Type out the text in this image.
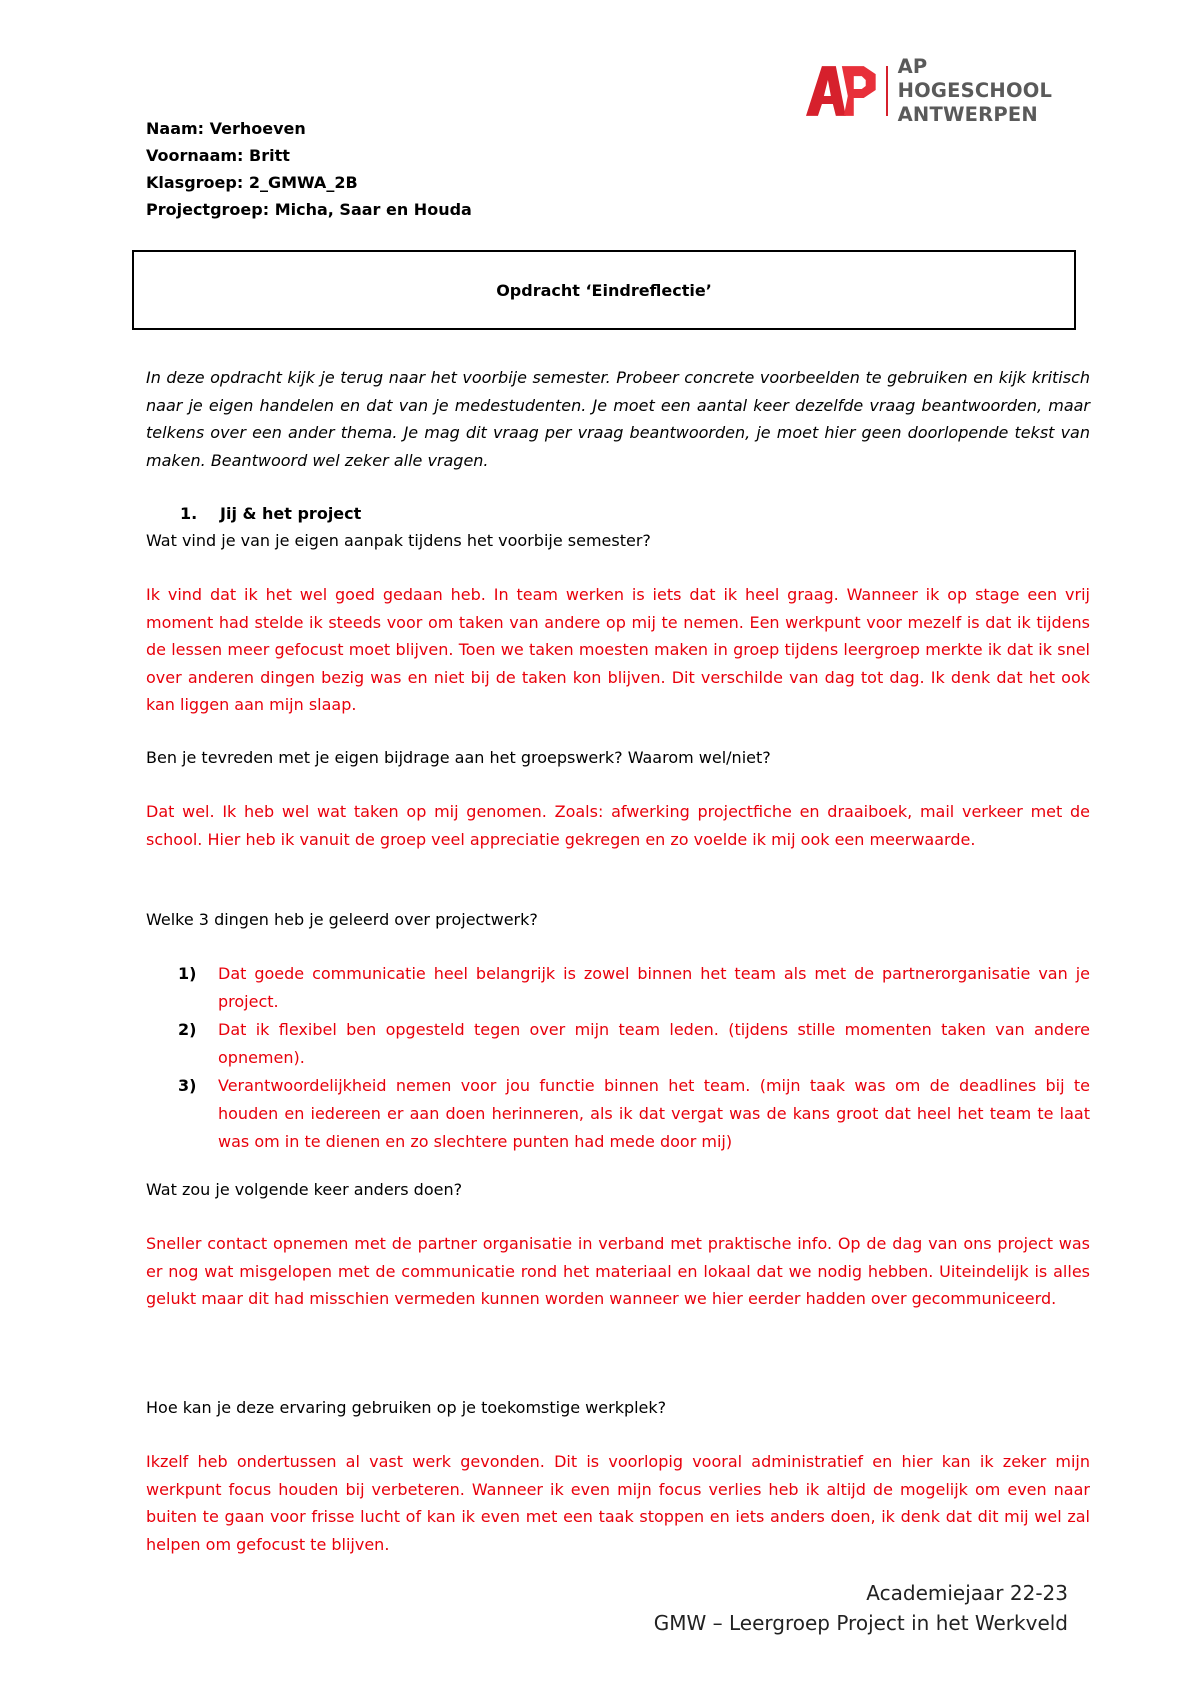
AP HOGESCHOOL
ANTWERPEN
Naam: Verhoeven
Voornaam: Britt
Klasgroep: 2_GMWA_2B
Projectgroep: Micha, Saar en Houda
Opdracht ‘Eindreflectie’
In deze opdracht kijk je terug naar het voorbije semester. Probeer concrete voorbeelden te gebruiken en kijk kritisch naar je eigen handelen en dat van je medestudenten. Je moet een aantal keer dezelfde vraag beantwoorden, maar telkens over een ander thema. Je mag dit vraag per vraag beantwoorden, je moet hier geen doorlopende tekst van maken. Beantwoord wel zeker alle vragen.
1. Jij & het project
Wat vind je van je eigen aanpak tijdens het voorbije semester?
Ik vind dat ik het wel goed gedaan heb. In team werken is iets dat ik heel graag. Wanneer ik op stage een vrij moment had stelde ik steeds voor om taken van andere op mij te nemen. Een werkpunt voor mezelf is dat ik tijdens de lessen meer gefocust moet blijven. Toen we taken moesten maken in groep tijdens leergroep merkte ik dat ik snel over anderen dingen bezig was en niet bij de taken kon blijven. Dit verschilde van dag tot dag. Ik denk dat het ook kan liggen aan mijn slaap.
Ben je tevreden met je eigen bijdrage aan het groepswerk? Waarom wel/niet?
Dat wel. Ik heb wel wat taken op mij genomen. Zoals: afwerking projectfiche en draaiboek, mail verkeer met de school. Hier heb ik vanuit de groep veel appreciatie gekregen en zo voelde ik mij ook een meerwaarde.
Welke 3 dingen heb je geleerd over projectwerk?
1) Dat goede communicatie heel belangrijk is zowel binnen het team als met de partnerorganisatie van je project.
2) Dat ik flexibel ben opgesteld tegen over mijn team leden. (tijdens stille momenten taken van andere opnemen).
3) Verantwoordelijkheid nemen voor jou functie binnen het team. (mijn taak was om de deadlines bij te houden en iedereen er aan doen herinneren, als ik dat vergat was de kans groot dat heel het team te laat was om in te dienen en zo slechtere punten had mede door mij)
Wat zou je volgende keer anders doen?
Sneller contact opnemen met de partner organisatie in verband met praktische info. Op de dag van ons project was er nog wat misgelopen met de communicatie rond het materiaal en lokaal dat we nodig hebben. Uiteindelijk is alles gelukt maar dit had misschien vermeden kunnen worden wanneer we hier eerder hadden over gecommuniceerd.
Hoe kan je deze ervaring gebruiken op je toekomstige werkplek?
Ikzelf heb ondertussen al vast werk gevonden. Dit is voorlopig vooral administratief en hier kan ik zeker mijn werkpunt focus houden bij verbeteren. Wanneer ik even mijn focus verlies heb ik altijd de mogelijk om even naar buiten te gaan voor frisse lucht of kan ik even met een taak stoppen en iets anders doen, ik denk dat dit mij wel zal helpen om gefocust te blijven.
Academiejaar 22-23
GMW – Leergroep Project in het Werkveld
